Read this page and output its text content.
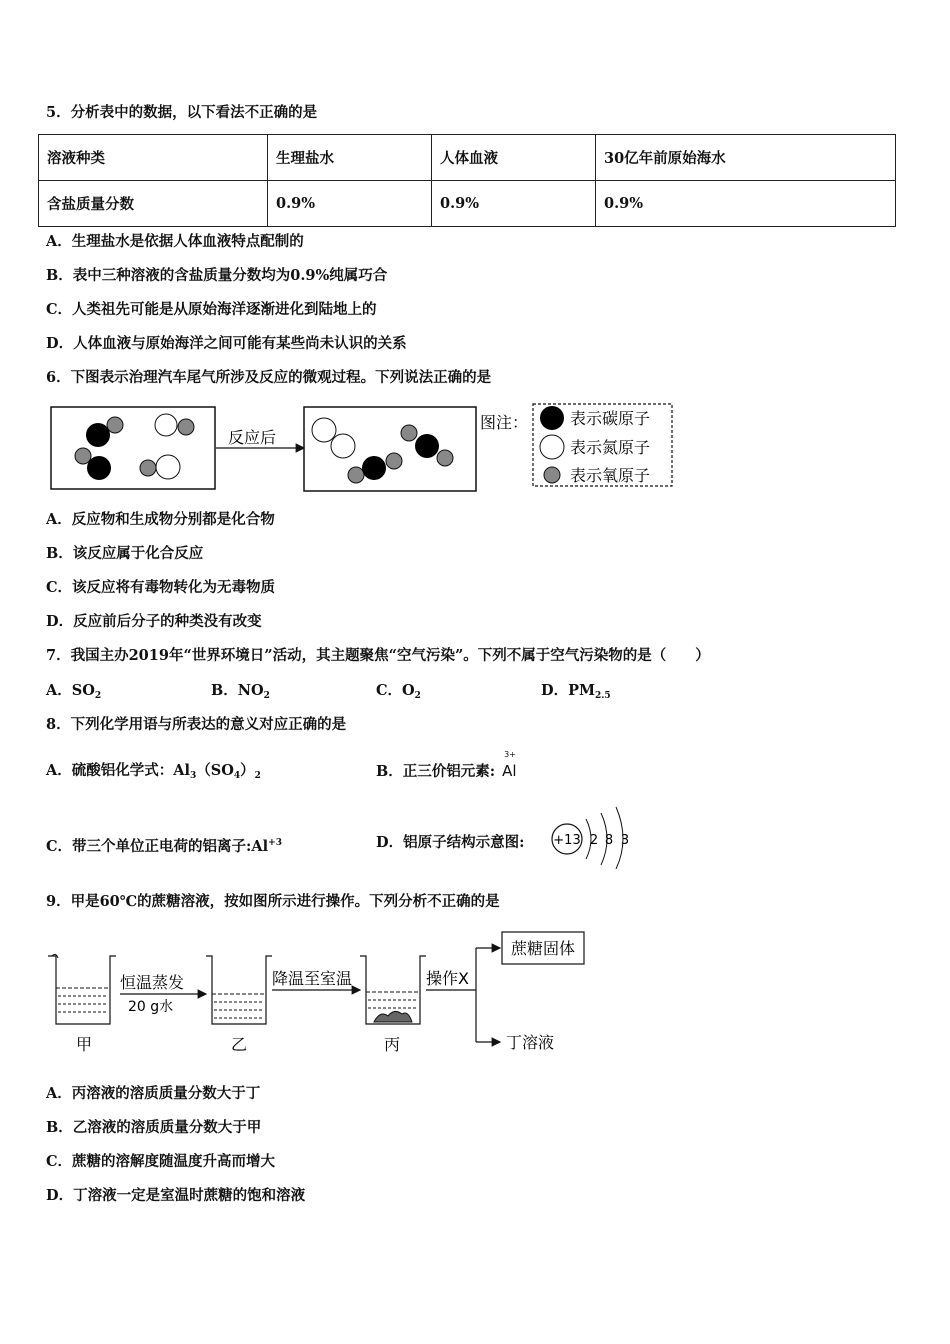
5．分析表中的数据，以下看法不正确的是
溶液种类	生理盐水	人体血液	30亿年前原始海水
含盐质量分数	0.9%	0.9%	0.9%
A．生理盐水是依据人体血液特点配制的
B．表中三种溶液的含盐质量分数均为0.9%纯属巧合
C．人类祖先可能是从原始海洋逐渐进化到陆地上的
D．人体血液与原始海洋之间可能有某些尚未认识的关系
6．下图表示治理汽车尾气所涉及反应的微观过程。下列说法正确的是
反应后
图注：	表示碳原子
表示氮原子
表示氧原子
A．反应物和生成物分别都是化合物
B．该反应属于化合反应
C．该反应将有毒物转化为无毒物质
D．反应前后分子的种类没有改变
7．我国主办2019年“世界环境日”活动，其主题聚焦“空气污染”。下列不属于空气污染物的是（　　）
A．$SO_2$	B．$NO_2$	C．$O_2$	D．$PM_{2.5}$
8．下列化学用语与所表达的意义对应正确的是
A．硫酸铝化学式：$Al_3(SO_4)_2$	B．正三价铝元素:
3+
Al
C．带三个单位正电荷的铝离子$:Al^{+3}$	D．铝原子结构示意图: +13 2 8 3
9．甲是60℃的蔗糖溶液，按如图所示进行操作。下列分析不正确的是
甲
恒温蒸发
20 g水
乙
降温至室温
丙
操作X
蔗糖固体
丁溶液
A．丙溶液的溶质质量分数大于丁
B．乙溶液的溶质质量分数大于甲
C．蔗糖的溶解度随温度升高而增大
D．丁溶液一定是室温时蔗糖的饱和溶液
